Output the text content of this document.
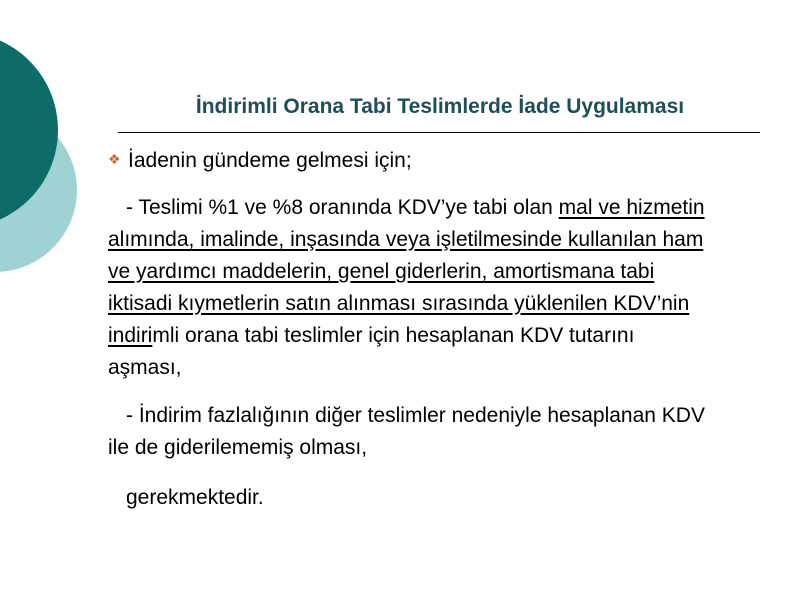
İndirimli Orana Tabi Teslimlerde İade Uygulaması
❖ İadenin gündeme gelmesi için;
- Teslimi %1 ve %8 oranında KDV’ye tabi olan mal ve hizmetin
alımında, imalinde, inşasında veya işletilmesinde kullanılan ham
ve yardımcı maddelerin, genel giderlerin, amortismana tabi
iktisadi kıymetlerin satın alınması sırasında yüklenilen KDV’nin
indirimli orana tabi teslimler için hesaplanan KDV tutarını
aşması,
- İndirim fazlalığının diğer teslimler nedeniyle hesaplanan KDV
ile de giderilememiş olması,
gerekmektedir.
